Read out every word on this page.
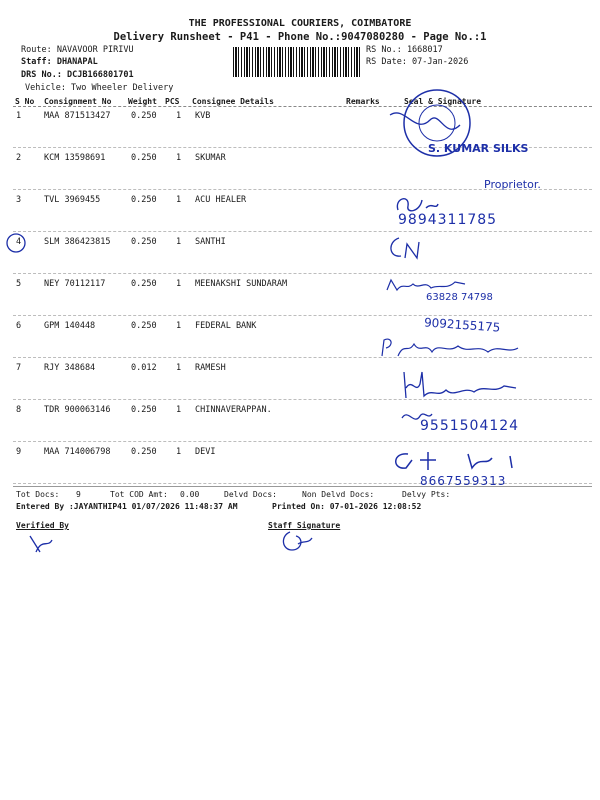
THE PROFESSIONAL COURIERS, COIMBATORE
Delivery Runsheet - P41 - Phone No.:9047080280 - Page No.:1
Route: NAVAVOOR PIRIVU
Staff: DHANAPAL
DRS No.: DCJB166801701
Vehicle: Two Wheeler Delivery
RS No.: 1668017
RS Date: 07-Jan-2026
S No Consignment No Weight PCS Consignee Details	Remarks	Seal & Signature
1	MAA 871513427 0.250 1 KVB
2	KCM 13598691	0.250 1 SKUMAR
3	TVL 3969455	0.250 1 ACU HEALER
4	SLM 386423815 0.250 1 SANTHI
5	NEY 70112117	0.250 1 MEENAKSHI SUNDARAM
6	GPM 140448	0.250 1 FEDERAL BANK
7	RJY 348684	0.012 1 RAMESH
8	TDR 900063146 0.250 1 CHINNAVERAPPAN.
9	MAA 714006798 0.250 1 DEVI
S. KUMAR SILKS
Proprietor.
9894311785
63828 74798
9092155175
9551504124
8667559313
Tot Docs: 9	Tot COD Amt: 0.00	Delvd Docs:	Non Delvd Docs:	Delvy Pts:
Entered By :JAYANTHIP41 01/07/2026 11:48:37 AM	Printed On: 07-01-2026 12:08:52
Verified By	Staff Signature
